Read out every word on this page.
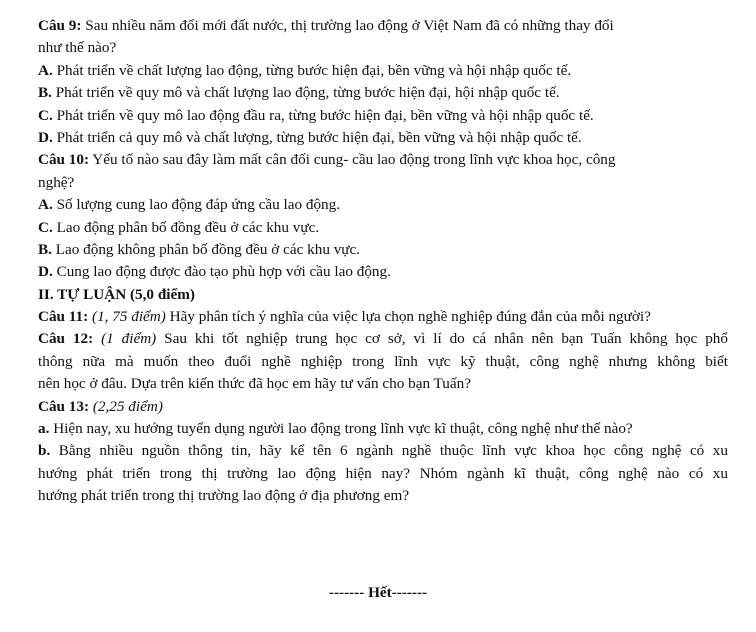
Câu 9: Sau nhiều năm đổi mới đất nước, thị trường lao động ở Việt Nam đã có những thay đổi
như thế nào?
A. Phát triển về chất lượng lao động, từng bước hiện đại, bền vững và hội nhập quốc tế.
B. Phát triển về quy mô và chất lượng lao động, từng bước hiện đại, hội nhập quốc tế.
C. Phát triển về quy mô lao động đầu ra, từng bước hiện đại, bền vững và hội nhập quốc tế.
D. Phát triển cả quy mô và chất lượng, từng bước hiện đại, bền vững và hội nhập quốc tế.
Câu 10: Yếu tố nào sau đây làm mất cân đối cung- cầu lao động trong lĩnh vực khoa học, công
nghệ?
A. Số lượng cung lao động đáp ứng cầu lao động.
C. Lao động phân bố đồng đều ở các khu vực.
B. Lao động không phân bố đồng đều ở các khu vực.
D. Cung lao động được đào tạo phù hợp với cầu lao động.
II. TỰ LUẬN (5,0 điểm)
Câu 11: (1, 75 điểm) Hãy phân tích ý nghĩa của việc lựa chọn nghề nghiệp đúng đắn của mỗi người?
Câu 12: (1 điểm) Sau khi tốt nghiệp trung học cơ sở, vì lí do cá nhân nên bạn Tuấn không học phổ
thông nữa mà muốn theo đuổi nghề nghiệp trong lĩnh vực kỹ thuật, công nghệ nhưng không biết
nên học ở đâu. Dựa trên kiến thức đã học em hãy tư vấn cho bạn Tuấn?
Câu 13: (2,25 điểm)
a. Hiện nay, xu hướng tuyển dụng người lao động trong lĩnh vực kĩ thuật, công nghệ như thế nào?
b. Bằng nhiều nguồn thông tin, hãy kể tên 6 ngành nghề thuộc lĩnh vực khoa học công nghệ có xu
hướng phát triển trong thị trường lao động hiện nay? Nhóm ngành kĩ thuật, công nghệ nào có xu
hướng phát triển trong thị trường lao động ở địa phương em?
------- Hết-------
